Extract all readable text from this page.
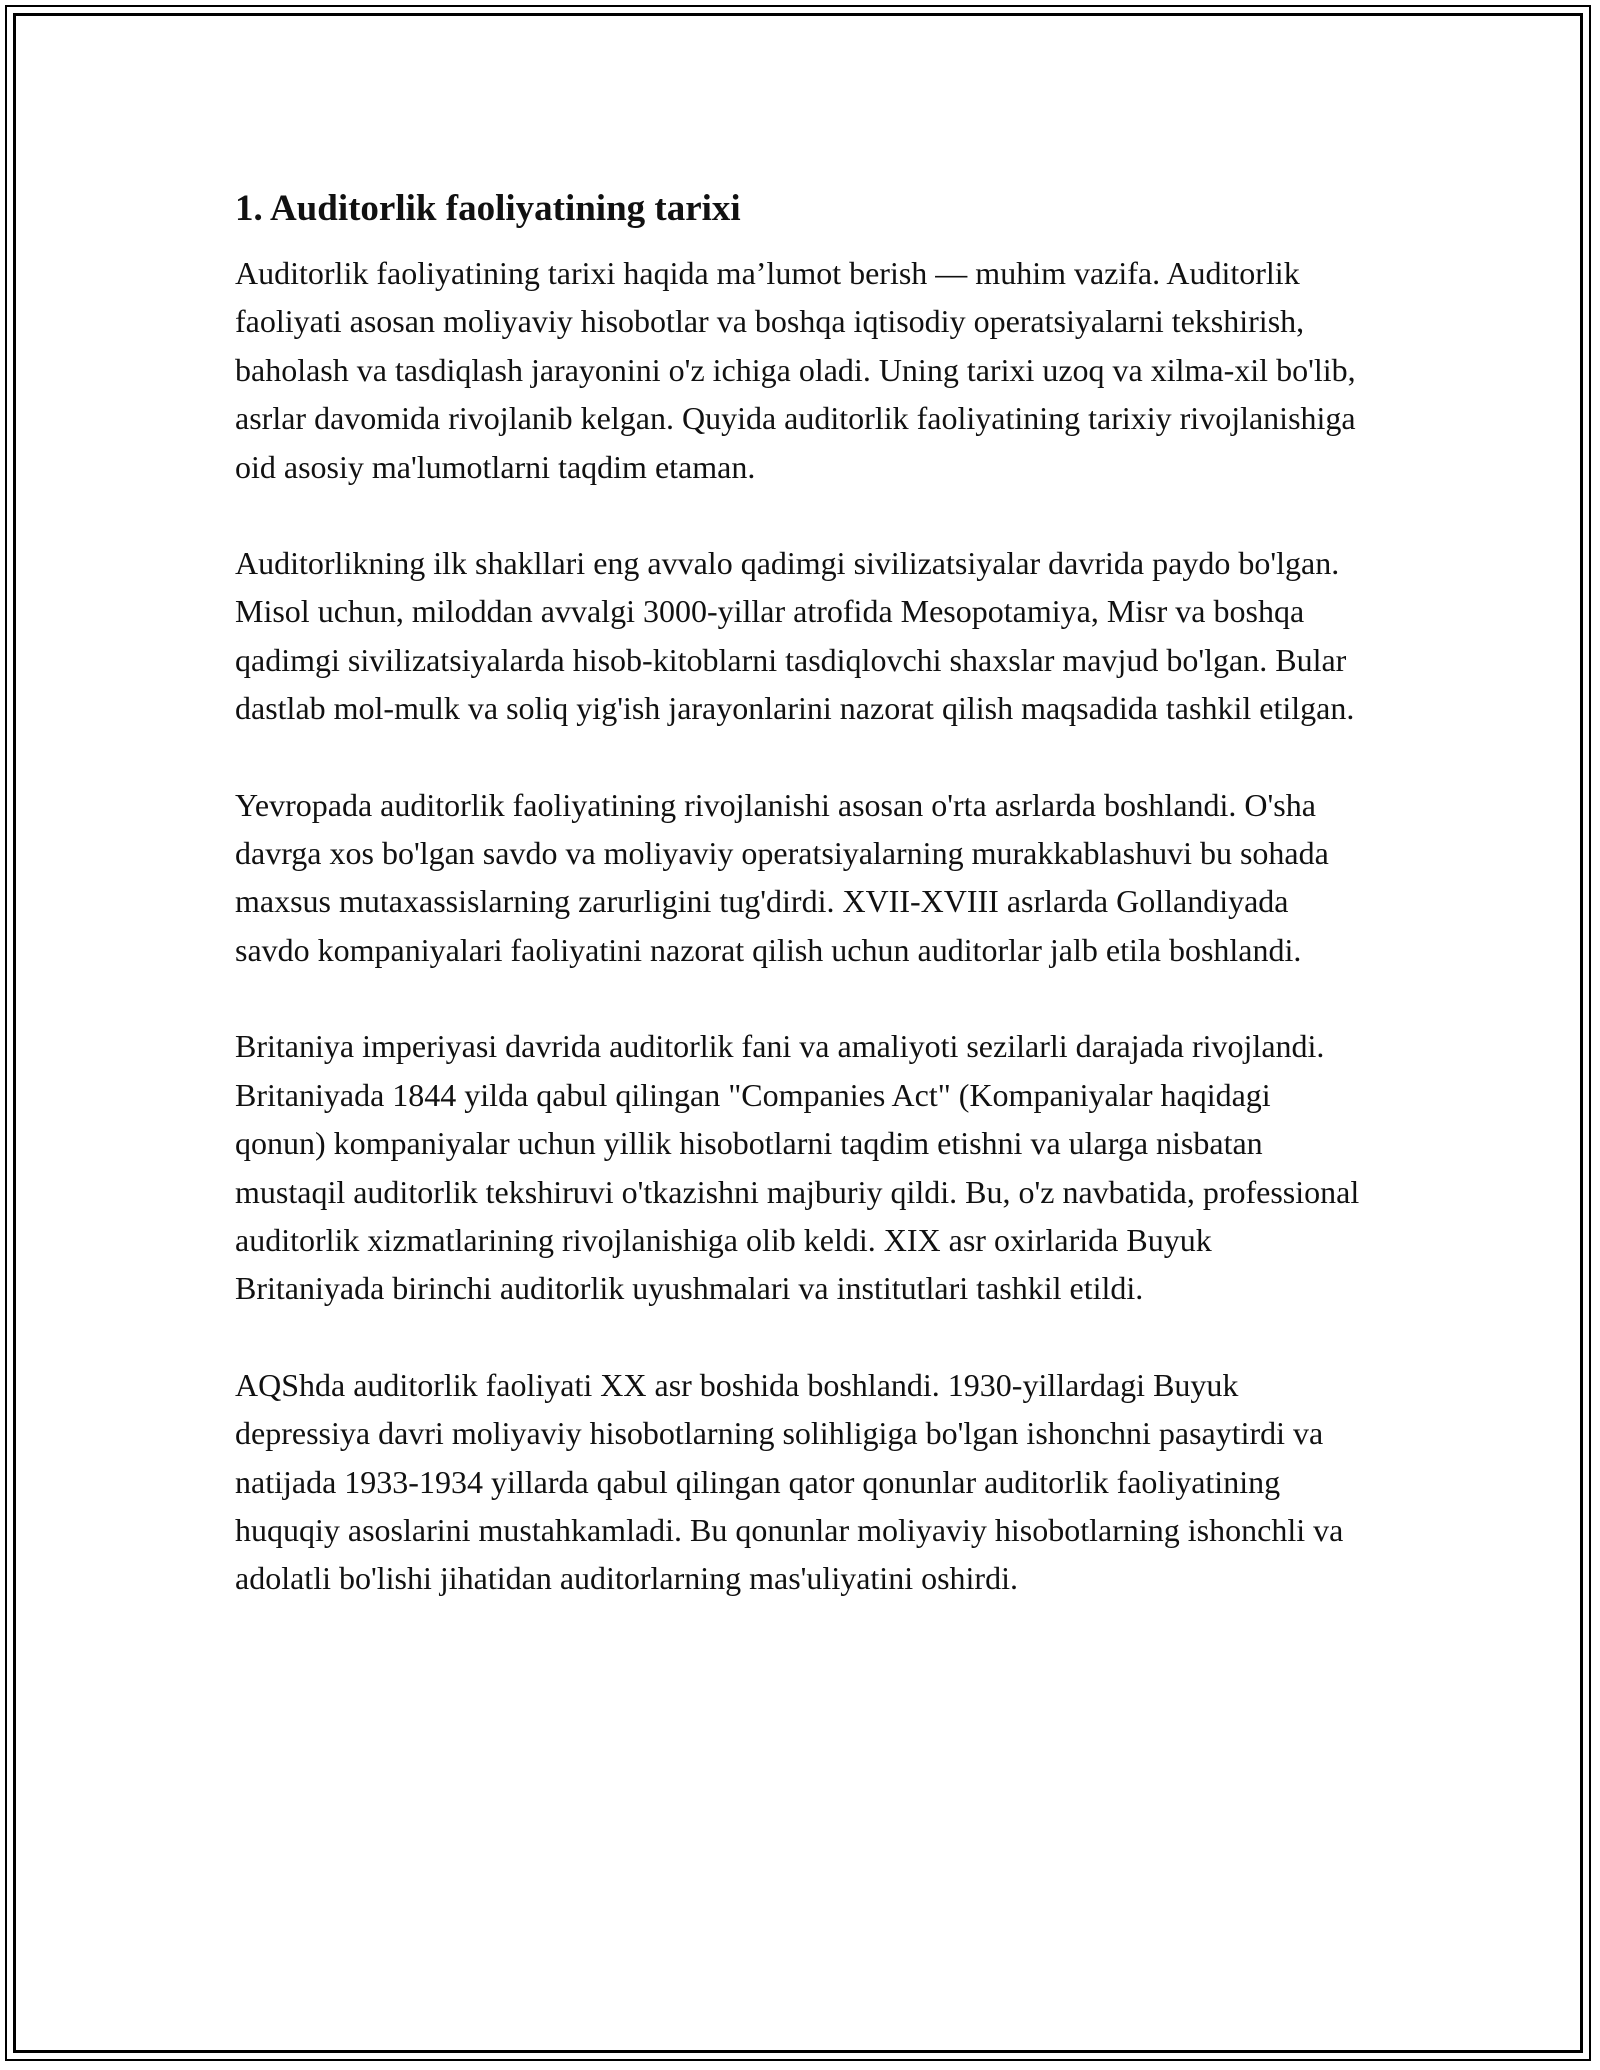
1. Auditorlik faoliyatining tarixi

Auditorlik faoliyatining tarixi haqida ma’lumot berish — muhim vazifa. Auditorlik faoliyati asosan moliyaviy hisobotlar va boshqa iqtisodiy operatsiyalarni tekshirish, baholash va tasdiqlash jarayonini o'z ichiga oladi. Uning tarixi uzoq va xilma-xil bo'lib, asrlar davomida rivojlanib kelgan. Quyida auditorlik faoliyatining tarixiy rivojlanishiga oid asosiy ma'lumotlarni taqdim etaman.

Auditorlikning ilk shakllari eng avvalo qadimgi sivilizatsiyalar davrida paydo bo'lgan. Misol uchun, miloddan avvalgi 3000-yillar atrofida Mesopotamiya, Misr va boshqa qadimgi sivilizatsiyalarda hisob-kitoblarni tasdiqlovchi shaxslar mavjud bo'lgan. Bular dastlab mol-mulk va soliq yig'ish jarayonlarini nazorat qilish maqsadida tashkil etilgan.

Yevropada auditorlik faoliyatining rivojlanishi asosan o'rta asrlarda boshlandi. O'sha davrga xos bo'lgan savdo va moliyaviy operatsiyalarning murakkablashuvi bu sohada maxsus mutaxassislarning zarurligini tug'dirdi. XVII-XVIII asrlarda Gollandiyada savdo kompaniyalari faoliyatini nazorat qilish uchun auditorlar jalb etila boshlandi.

Britaniya imperiyasi davrida auditorlik fani va amaliyoti sezilarli darajada rivojlandi. Britaniyada 1844 yilda qabul qilingan "Companies Act" (Kompaniyalar haqidagi qonun) kompaniyalar uchun yillik hisobotlarni taqdim etishni va ularga nisbatan mustaqil auditorlik tekshiruvi o'tkazishni majburiy qildi. Bu, o'z navbatida, professional auditorlik xizmatlarining rivojlanishiga olib keldi. XIX asr oxirlarida Buyuk Britaniyada birinchi auditorlik uyushmalari va institutlari tashkil etildi.

AQShda auditorlik faoliyati XX asr boshida boshlandi. 1930-yillardagi Buyuk depressiya davri moliyaviy hisobotlarning solihligiga bo'lgan ishonchni pasaytirdi va natijada 1933-1934 yillarda qabul qilingan qator qonunlar auditorlik faoliyatining huquqiy asoslarini mustahkamladi. Bu qonunlar moliyaviy hisobotlarning ishonchli va adolatli bo'lishi jihatidan auditorlarning mas'uliyatini oshirdi.
